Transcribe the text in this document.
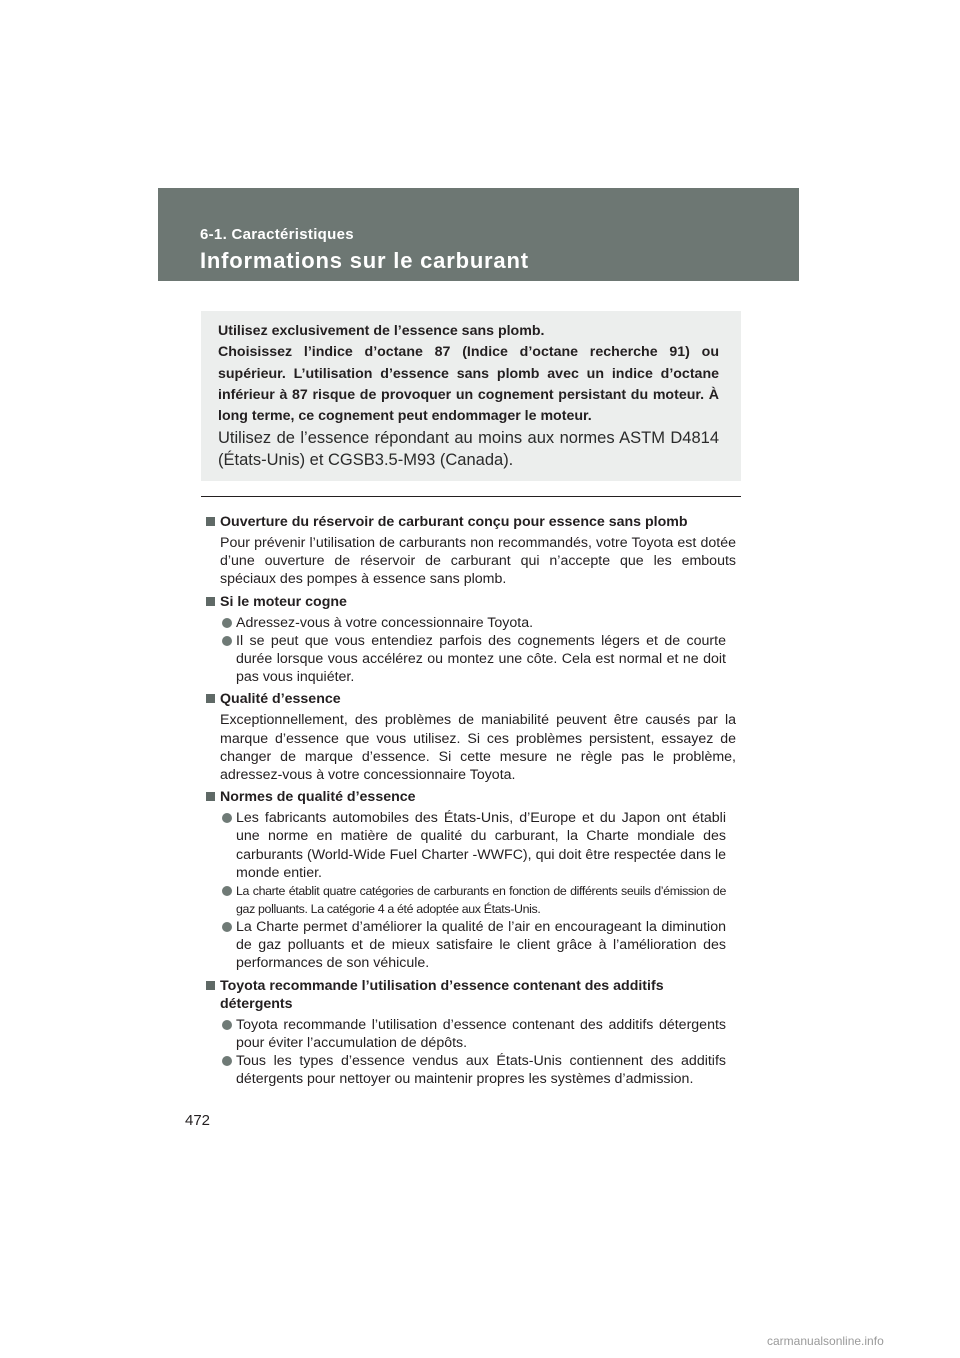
6-1. Caractéristiques
Informations sur le carburant

Utilisez exclusivement de l’essence sans plomb.

Choisissez l’indice d’octane 87 (Indice d’octane recherche 91) ou supérieur. L’utilisation d’essence sans plomb avec un indice d’octane inférieur à 87 risque de provoquer un cognement persistant du moteur. À long terme, ce cognement peut endommager le moteur.

Utilisez de l’essence répondant au moins aux normes ASTM D4814 (États-Unis) et CGSB3.5-M93 (Canada).

Ouverture du réservoir de carburant conçu pour essence sans plomb
Pour prévenir l’utilisation de carburants non recommandés, votre Toyota est dotée d’une ouverture de réservoir de carburant qui n’accepte que les embouts spéciaux des pompes à essence sans plomb.
Si le moteur cogne
Adressez-vous à votre concessionnaire Toyota.
Il se peut que vous entendiez parfois des cognements légers et de courte durée lorsque vous accélérez ou montez une côte. Cela est normal et ne doit pas vous inquiéter.
Qualité d’essence
Exceptionnellement, des problèmes de maniabilité peuvent être causés par la marque d’essence que vous utilisez. Si ces problèmes persistent, essayez de changer de marque d’essence. Si cette mesure ne règle pas le problème, adressez-vous à votre concessionnaire Toyota.
Normes de qualité d’essence
Les fabricants automobiles des États-Unis, d’Europe et du Japon ont établi une norme en matière de qualité du carburant, la Charte mondiale des carburants (World-Wide Fuel Charter -WWFC), qui doit être respectée dans le monde entier.
La charte établit quatre catégories de carburants en fonction de différents seuils d’émission de gaz polluants. La catégorie 4 a été adoptée aux États-Unis.
La Charte permet d’améliorer la qualité de l’air en encourageant la diminution de gaz polluants et de mieux satisfaire le client grâce à l’amélioration des performances de son véhicule.
Toyota recommande l’utilisation d’essence contenant des additifs détergents
Toyota recommande l’utilisation d’essence contenant des additifs détergents pour éviter l’accumulation de dépôts.
Tous les types d’essence vendus aux États-Unis contiennent des additifs détergents pour nettoyer ou maintenir propres les systèmes d’admission.
472
carmanualsonline.info
